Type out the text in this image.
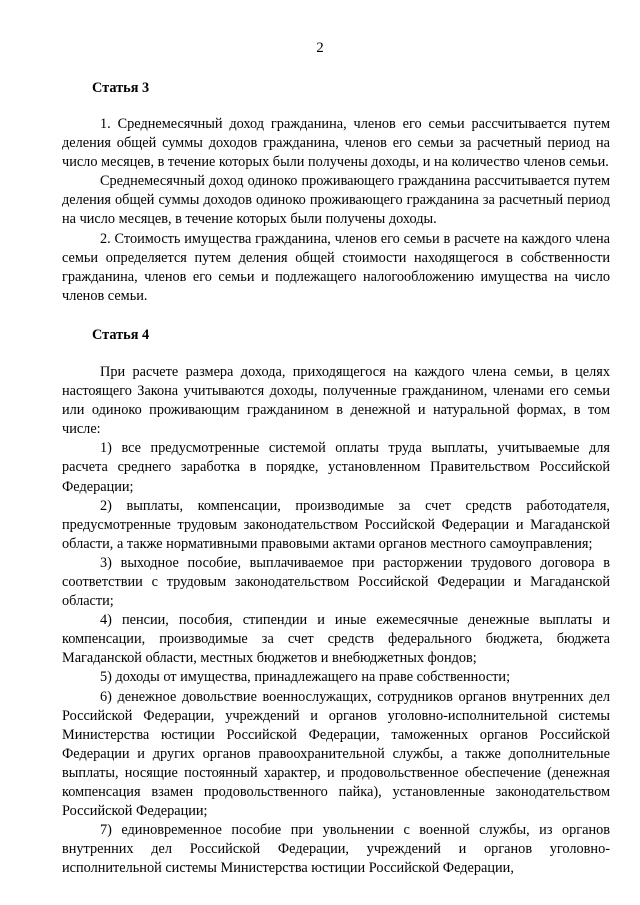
2
Статья 3

1. Среднемесячный доход гражданина, членов его семьи рассчитывается путем деления общей суммы доходов гражданина, членов его семьи за расчетный период на число месяцев, в течение которых были получены доходы, и на количество членов семьи.

Среднемесячный доход одиноко проживающего гражданина рассчитывается путем деления общей суммы доходов одиноко проживающего гражданина за расчетный период на число месяцев, в течение которых были получены доходы.

2. Стоимость имущества гражданина, членов его семьи в расчете на каждого члена семьи определяется путем деления общей стоимости находящегося в собственности гражданина, членов его семьи и подлежащего налогообложению имущества на число членов семьи.

Статья 4

При расчете размера дохода, приходящегося на каждого члена семьи, в целях настоящего Закона учитываются доходы, полученные гражданином, членами его семьи или одиноко проживающим гражданином в денежной и натуральной формах, в том числе:

1) все предусмотренные системой оплаты труда выплаты, учитываемые для расчета среднего заработка в порядке, установленном Правительством Российской Федерации;

2) выплаты, компенсации, производимые за счет средств работодателя, предусмотренные трудовым законодательством Российской Федерации и Магаданской области, а также нормативными правовыми актами органов местного самоуправления;

3) выходное пособие, выплачиваемое при расторжении трудового договора в соответствии с трудовым законодательством Российской Федерации и Магаданской области;

4) пенсии, пособия, стипендии и иные ежемесячные денежные выплаты и компенсации, производимые за счет средств федерального бюджета, бюджета Магаданской области, местных бюджетов и внебюджетных фондов;

5) доходы от имущества, принадлежащего на праве собственности;

6) денежное довольствие военнослужащих, сотрудников органов внутренних дел Российской Федерации, учреждений и органов уголовно-исполнительной системы Министерства юстиции Российской Федерации, таможенных органов Российской Федерации и других органов правоохранительной службы, а также дополнительные выплаты, носящие постоянный характер, и продовольственное обеспечение (денежная компенсация взамен продовольственного пайка), установленные законодательством Российской Федерации;

7) единовременное пособие при увольнении с военной службы, из органов внутренних дел Российской Федерации, учреждений и органов уголовно-исполнительной системы Министерства юстиции Российской Федерации,
